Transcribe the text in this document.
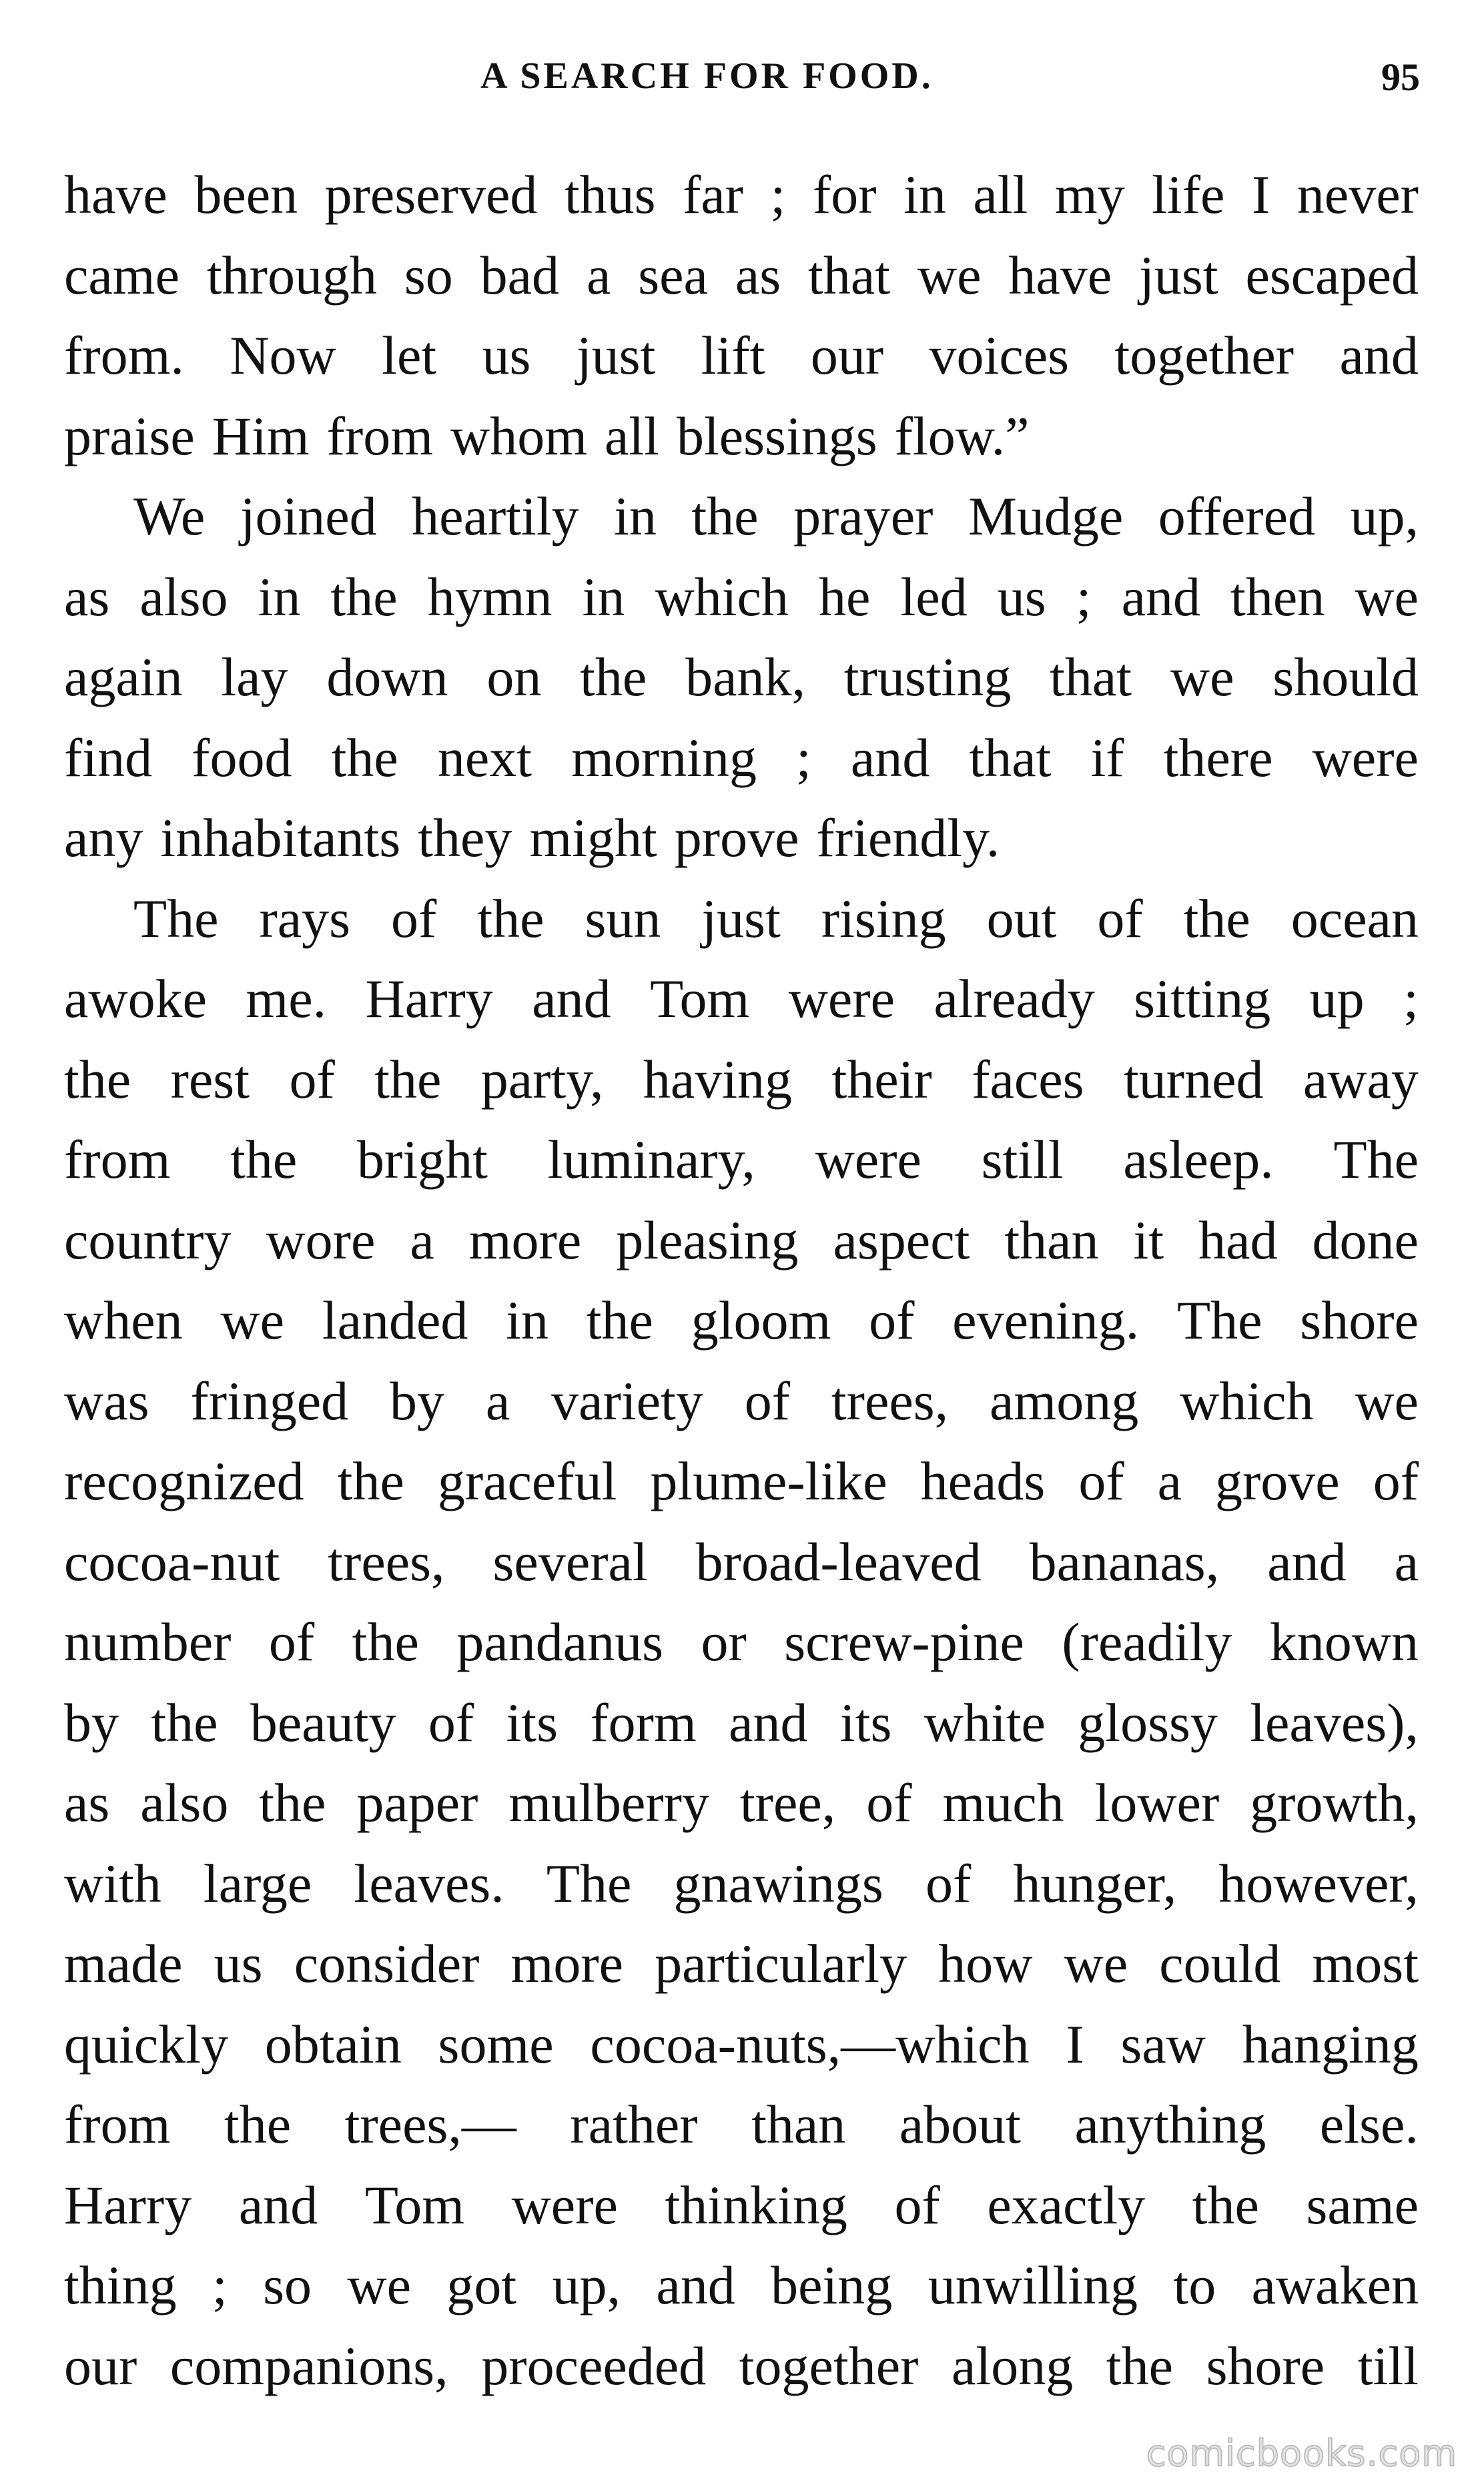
A SEARCH FOR FOOD.	95
have been preserved thus far ; for in all my life I never
came through so bad a sea as that we have just escaped
from. Now let us just lift our voices together and
praise Him from whom all blessings flow.”
We joined heartily in the prayer Mudge offered up,
as also in the hymn in which he led us ; and then we
again lay down on the bank, trusting that we should
find food the next morning ; and that if there were
any inhabitants they might prove friendly.
The rays of the sun just rising out of the ocean
awoke me. Harry and Tom were already sitting up ;
the rest of the party, having their faces turned away
from the bright luminary, were still asleep. The
country wore a more pleasing aspect than it had done
when we landed in the gloom of evening. The shore
was fringed by a variety of trees, among which we
recognized the graceful plume-like heads of a grove of
cocoa-nut trees, several broad-leaved bananas, and a
number of the pandanus or screw-pine (readily known
by the beauty of its form and its white glossy leaves),
as also the paper mulberry tree, of much lower growth,
with large leaves. The gnawings of hunger, however,
made us consider more particularly how we could most
quickly obtain some cocoa-nuts,—which I saw hanging
from the trees,— rather than about anything else.
Harry and Tom were thinking of exactly the same
thing ; so we got up, and being unwilling to awaken
our companions, proceeded together along the shore till
comicbooks.com
